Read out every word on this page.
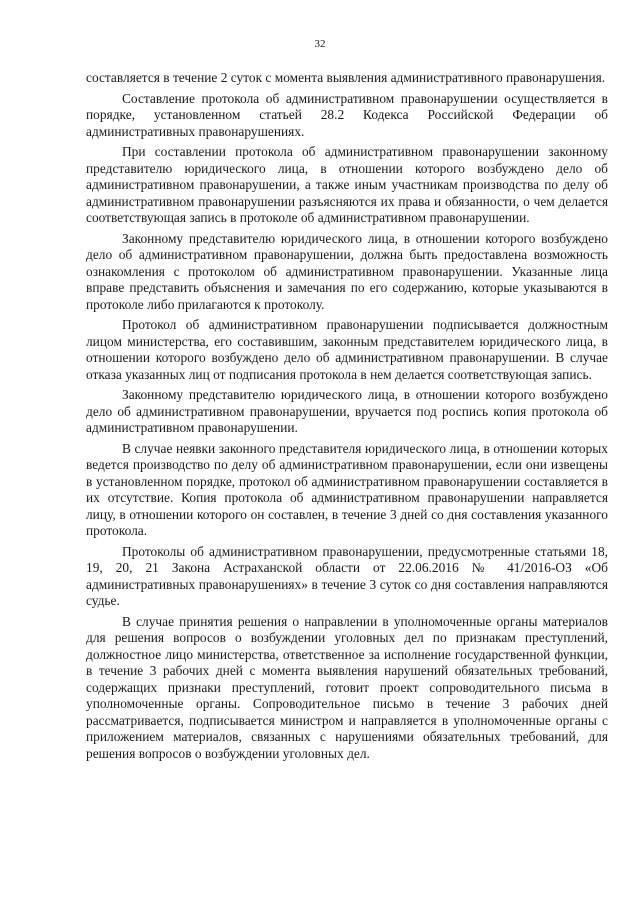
32

составляется в течение 2 суток с момента выявления административного правонарушения.

Составление протокола об административном правонарушении осуществляется в порядке, установленном статьей 28.2 Кодекса Российской Федерации об административных правонарушениях.

При составлении протокола об административном правонарушении законному представителю юридического лица, в отношении которого возбуждено дело об административном правонарушении, а также иным участникам производства по делу об административном правонарушении разъясняются их права и обязанности, о чем делается соответствующая запись в протоколе об административном правонарушении.

Законному представителю юридического лица, в отношении которого возбуждено дело об административном правонарушении, должна быть предоставлена возможность ознакомления с протоколом об административном правонарушении. Указанные лица вправе представить объяснения и замечания по его содержанию, которые указываются в протоколе либо прилагаются к протоколу.

Протокол об административном правонарушении подписывается должностным лицом министерства, его составившим, законным представителем юридического лица, в отношении которого возбуждено дело об административном правонарушении. В случае отказа указанных лиц от подписания протокола в нем делается соответствующая запись.

Законному представителю юридического лица, в отношении которого возбуждено дело об административном правонарушении, вручается под роспись копия протокола об административном правонарушении.

В случае неявки законного представителя юридического лица, в отношении которых ведется производство по делу об административном правонарушении, если они извещены в установленном порядке, протокол об административном правонарушении составляется в их отсутствие. Копия протокола об административном правонарушении направляется лицу, в отношении которого он составлен, в течение 3 дней со дня составления указанного протокола.

Протоколы об административном правонарушении, предусмотренные статьями 18, 19, 20, 21 Закона Астраханской области от 22.06.2016 № 41/2016-ОЗ «Об административных правонарушениях» в течение 3 суток со дня составления направляются судье.

В случае принятия решения о направлении в уполномоченные органы материалов для решения вопросов о возбуждении уголовных дел по признакам преступлений, должностное лицо министерства, ответственное за исполнение государственной функции, в течение 3 рабочих дней с момента выявления нарушений обязательных требований, содержащих признаки преступлений, готовит проект сопроводительного письма в уполномоченные органы. Сопроводительное письмо в течение 3 рабочих дней рассматривается, подписывается министром и направляется в уполномоченные органы с приложением материалов, связанных с нарушениями обязательных требований, для решения вопросов о возбуждении уголовных дел.
